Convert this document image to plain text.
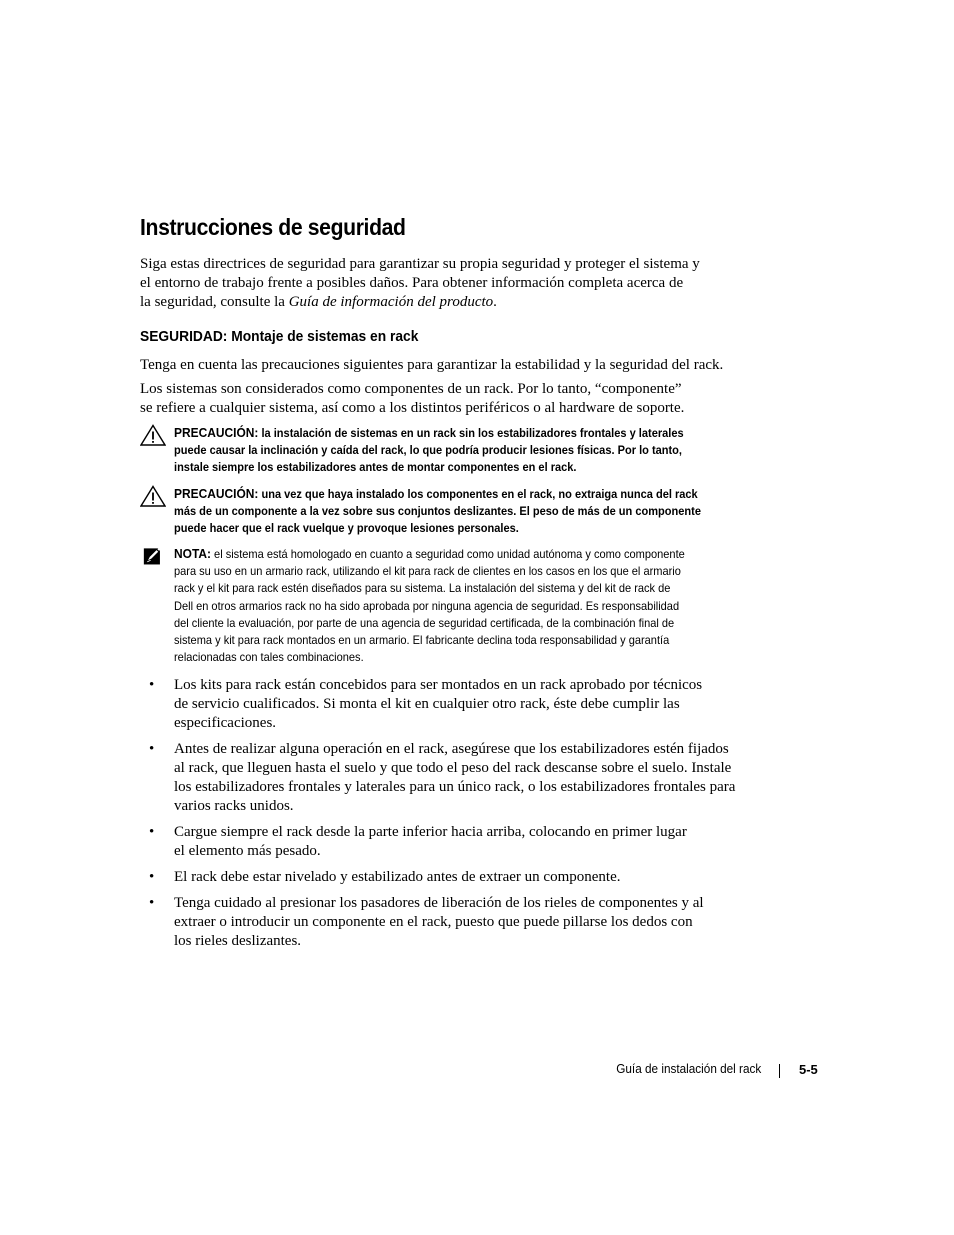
Instrucciones de seguridad
Siga estas directrices de seguridad para garantizar su propia seguridad y proteger el sistema y
el entorno de trabajo frente a posibles daños. Para obtener información completa acerca de
la seguridad, consulte la Guía de información del producto.
SEGURIDAD: Montaje de sistemas en rack
Tenga en cuenta las precauciones siguientes para garantizar la estabilidad y la seguridad del rack.
Los sistemas son considerados como componentes de un rack. Por lo tanto, “componente”
se refiere a cualquier sistema, así como a los distintos periféricos o al hardware de soporte.
PRECAUCIÓN: la instalación de sistemas en un rack sin los estabilizadores frontales y laterales
puede causar la inclinación y caída del rack, lo que podría producir lesiones físicas. Por lo tanto,
instale siempre los estabilizadores antes de montar componentes en el rack.
PRECAUCIÓN: una vez que haya instalado los componentes en el rack, no extraiga nunca del rack
más de un componente a la vez sobre sus conjuntos deslizantes. El peso de más de un componente
puede hacer que el rack vuelque y provoque lesiones personales.
NOTA: el sistema está homologado en cuanto a seguridad como unidad autónoma y como componente
para su uso en un armario rack, utilizando el kit para rack de clientes en los casos en los que el armario
rack y el kit para rack estén diseñados para su sistema. La instalación del sistema y del kit de rack de
Dell en otros armarios rack no ha sido aprobada por ninguna agencia de seguridad. Es responsabilidad
del cliente la evaluación, por parte de una agencia de seguridad certificada, de la combinación final de
sistema y kit para rack montados en un armario. El fabricante declina toda responsabilidad y garantía
relacionadas con tales combinaciones.
• Los kits para rack están concebidos para ser montados en un rack aprobado por técnicos
de servicio cualificados. Si monta el kit en cualquier otro rack, éste debe cumplir las
especificaciones.
• Antes de realizar alguna operación en el rack, asegúrese que los estabilizadores estén fijados
al rack, que lleguen hasta el suelo y que todo el peso del rack descanse sobre el suelo. Instale
los estabilizadores frontales y laterales para un único rack, o los estabilizadores frontales para
varios racks unidos.
• Cargue siempre el rack desde la parte inferior hacia arriba, colocando en primer lugar
el elemento más pesado.
• El rack debe estar nivelado y estabilizado antes de extraer un componente.
• Tenga cuidado al presionar los pasadores de liberación de los rieles de componentes y al
extraer o introducir un componente en el rack, puesto que puede pillarse los dedos con
los rieles deslizantes.
Guía de instalación del rack	5-5
